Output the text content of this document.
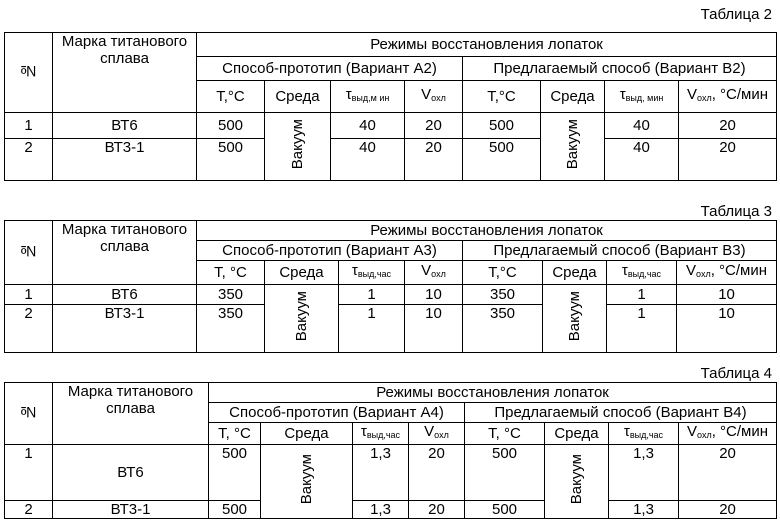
Таблица 2
№	Марка титанового сплава	Режимы восстановления лопаток							
		Способ-прототип (Вариант А2)				Предлагаемый способ (Вариант В2)			
		T,°C	Среда	$\tau_{выд,м ин}$	$V_{охл}$	T,°C	Среда	$\tau_{выд, мин}$	$V_{охл}$, °C/мин
1	ВТ6	500	Вакуум	40	20	500	Вакуум	40	20
2	ВТ3-1	500		40	20	500		40	20
Таблица 3
№	Марка титанового сплава	Режимы восстановления лопаток							
		Способ-прототип (Вариант А3)				Предлагаемый способ (Вариант В3)			
		T, °C	Среда	$\tau_{выд,час}$	$V_{охл}$	T,°C	Среда	$\tau_{выд,час}$	$V_{охл}$, °C/мин
1	ВТ6	350	Вакуум	1	10	350	Вакуум	1	10
2	ВТ3-1	350		1	10	350		1	10
Таблица 4
№	Марка титанового сплава	Режимы восстановления лопаток							
		Способ-прототип (Вариант А4)				Предлагаемый способ (Вариант В4)			
		T, °C	Среда	$\tau_{выд,час}$	$V_{охл}$	T, °C	Среда	$\tau_{выд,час}$	$V_{охл}$, °C/мин
1	ВТ6	500	Вакуум	1,3	20	500	Вакуум	1,3	20
2	ВТ3-1	500		1,3	20	500		1,3	20
